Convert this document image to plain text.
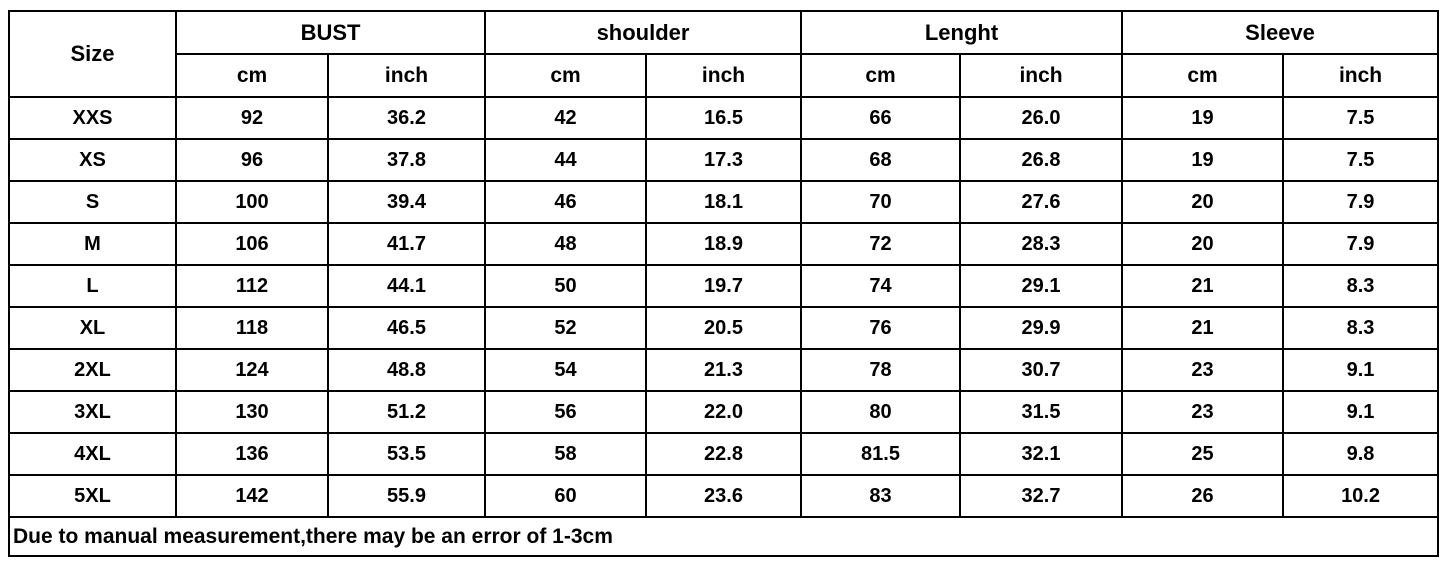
Size	BUST		shoulder		Lenght		Sleeve	
	cm	inch	cm	inch	cm	inch	cm	inch
XXS	92	36.2	42	16.5	66	26.0	19	7.5
XS	96	37.8	44	17.3	68	26.8	19	7.5
S	100	39.4	46	18.1	70	27.6	20	7.9
M	106	41.7	48	18.9	72	28.3	20	7.9
L	112	44.1	50	19.7	74	29.1	21	8.3
XL	118	46.5	52	20.5	76	29.9	21	8.3
2XL	124	48.8	54	21.3	78	30.7	23	9.1
3XL	130	51.2	56	22.0	80	31.5	23	9.1
4XL	136	53.5	58	22.8	81.5	32.1	25	9.8
5XL	142	55.9	60	23.6	83	32.7	26	10.2
Due to manual measurement,there may be an error of 1-3cm								
